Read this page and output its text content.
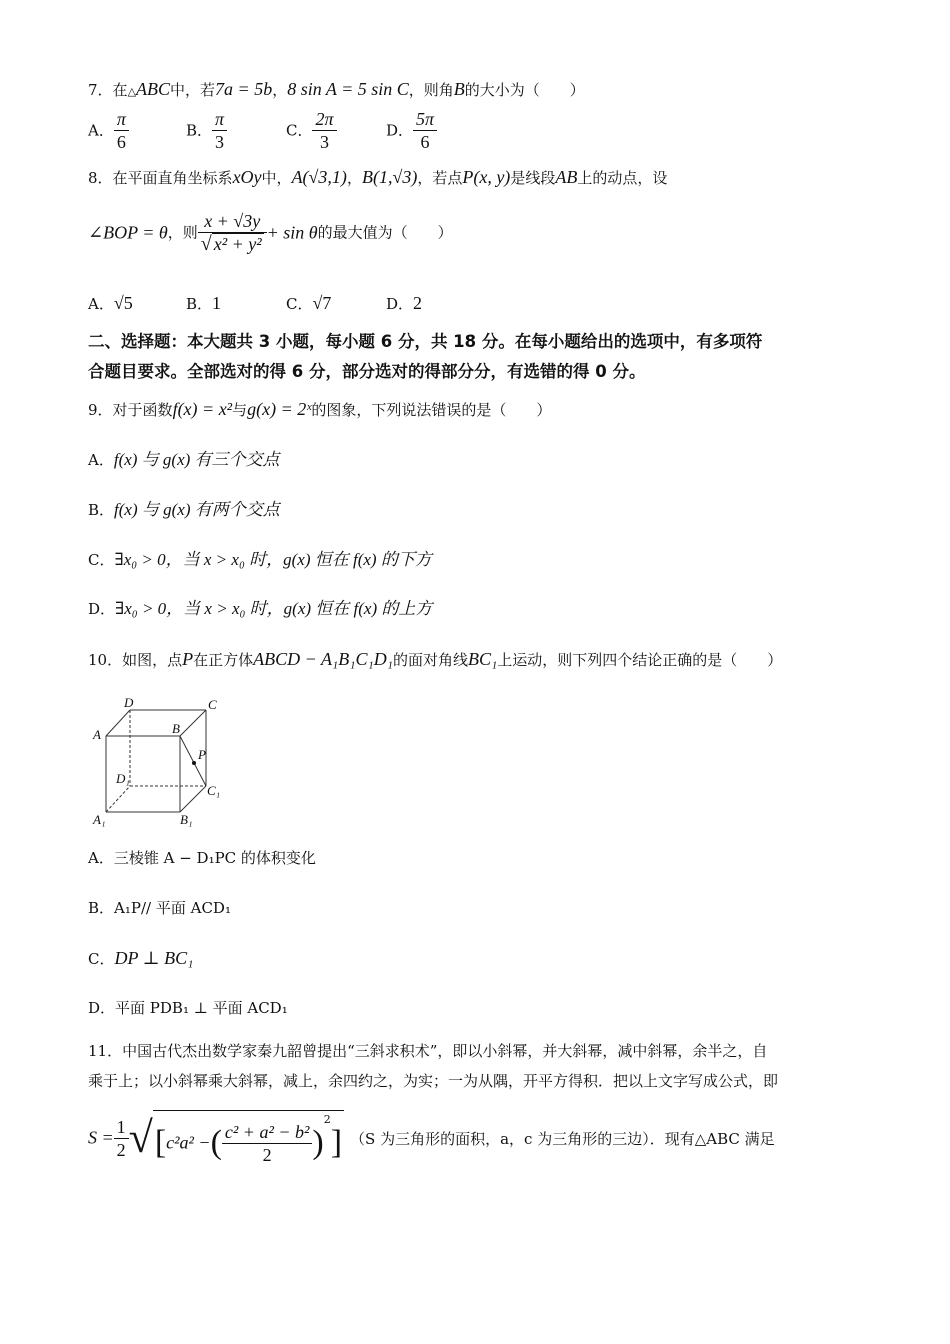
7．在△ABC中，若7a = 5b，8 sin A = 5 sin C，则角B的大小为（　　）
A． $\frac{\pi}{6}$	B． $\frac{\pi}{3}$	C． $\frac{2\pi}{3}$	D． $\frac{5\pi}{6}$
8．在平面直角坐标系xOy中，A(√3,1)，B(1,√3)，若点P(x, y)是线段AB上的动点，设
∠BOP = θ，则 $\frac{x + √3y}{\text{√ x² + y²}} + \sin \theta$的最大值为（　　）
A．√5	B．1	C．√7	D．2
二、选择题：本大题共 3 小题，每小题 6 分，共 18 分。在每小题给出的选项中，有多项符
合题目要求。全部选对的得 6 分，部分选对的得部分分，有选错的得 0 分。
9．对于函数f(x) = x²与g(x) = 2ˣ的图象，下列说法错误的是（　　）
A．f(x) 与 g(x) 有三个交点
B．f(x) 与 g(x) 有两个交点
C．∃x₀ > 0，当 x > x₀ 时，g(x) 恒在 f(x) 的下方
D．∃x₀ > 0，当 x > x₀ 时，g(x) 恒在 f(x) 的上方
10．如图，点P在正方体ABCD − A₁B₁C₁D₁的面对角线BC₁上运动，则下列四个结论正确的是（　　）
D	C
A	B
P
D₁
C₁
A₁	B₁
A．三棱锥 A − D₁PC 的体积变化
B．A₁P// 平面 ACD₁
C．DP ⊥ BC₁
D．平面 PDB₁ ⊥ 平面 ACD₁
11．中国古代杰出数学家秦九韶曾提出“三斜求积术”，即以小斜幂，并大斜幂，减中斜幂，余半之，自
乘于上；以小斜幂乘大斜幂，减上，余四约之，为实；一为从隅，开平方得积．把以上文字写成公式，即
$S = \frac{1}{2} √[c^2a^2$ −( $\frac{\text{c² + a² − b²}}{2} )^2$] （S 为三角形的面积，a，c 为三角形的三边）．现有△ABC 满足
